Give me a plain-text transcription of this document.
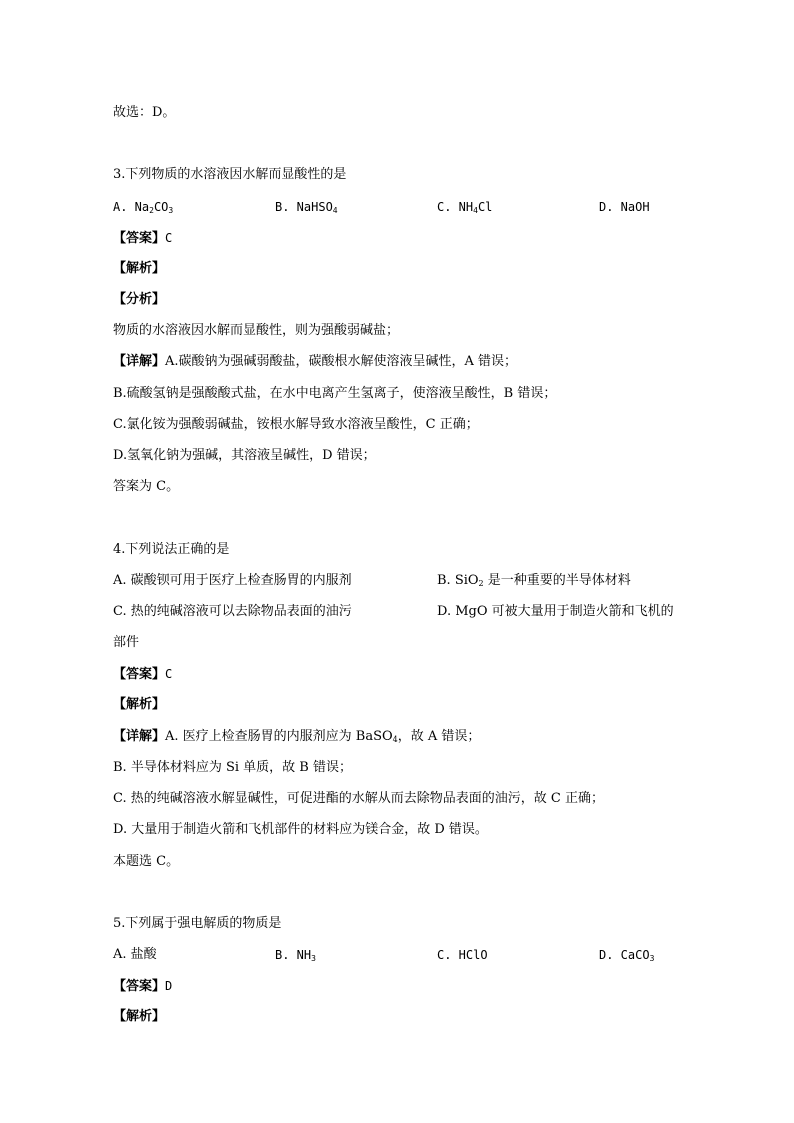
故选：D。
3.下列物质的水溶液因水解而显酸性的是
A. $Na_2CO_3$	B. NaHSO$_4$	C. $NH_4Cl$	D. NaOH
【答案】C
【解析】
【分析】
物质的水溶液因水解而显酸性，则为强酸弱碱盐；
【详解】A.碳酸钠为强碱弱酸盐，碳酸根水解使溶液呈碱性，A 错误；
B.硫酸氢钠是强酸酸式盐，在水中电离产生氢离子，使溶液呈酸性，B 错误；
C.氯化铵为强酸弱碱盐，铵根水解导致水溶液呈酸性，C 正确；
D.氢氧化钠为强碱，其溶液呈碱性，D 错误；
答案为 C。
4.下列说法正确的是
A. 碳酸钡可用于医疗上检查肠胃的内服剂	B. SiO$_2$ 是一种重要的半导体材料
C. 热的纯碱溶液可以去除物品表面的油污	D. MgO 可被大量用于制造火箭和飞机的
部件
【答案】C
【解析】
【详解】A. 医疗上检查肠胃的内服剂应为 BaSO$_4$，故 A 错误；
B. 半导体材料应为 Si 单质，故 B 错误；
C. 热的纯碱溶液水解显碱性，可促进酯的水解从而去除物品表面的油污，故 C 正确；
D. 大量用于制造火箭和飞机部件的材料应为镁合金，故 D 错误。
本题选 C。
5.下列属于强电解质的物质是
A. 盐酸	B. $NH_3$	C. HClO	D. CaCO$_3$
【答案】D
【解析】
